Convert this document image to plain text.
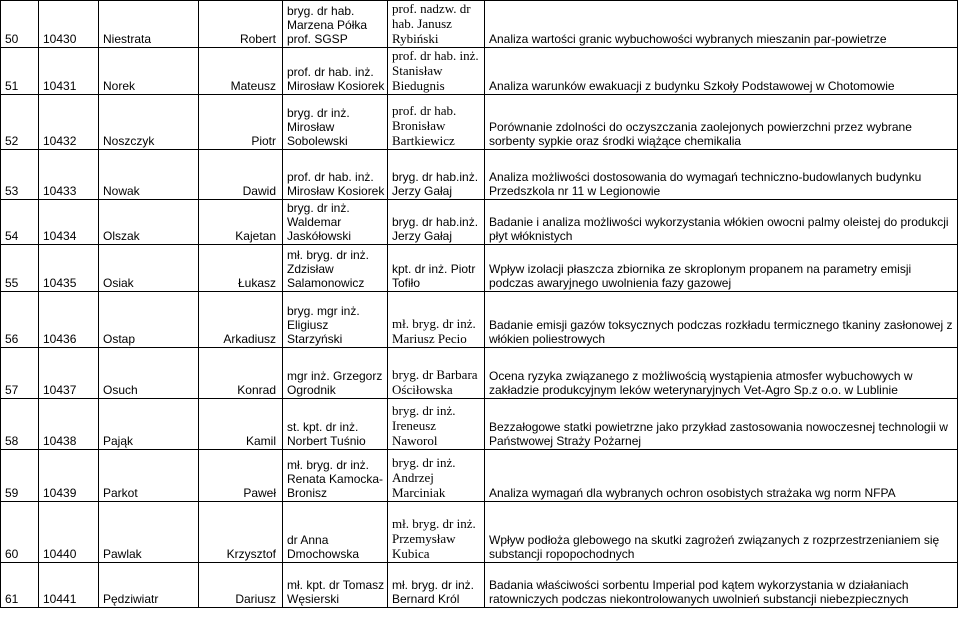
50	10430	Niestrata	Robert	bryg. dr hab. Marzena Półka prof. SGSP	prof. nadzw. dr hab. Janusz Rybiński	Analiza wartości granic wybuchowości wybranych mieszanin par-powietrze
51	10431	Norek	Mateusz	prof. dr hab. inż. Mirosław Kosiorek	prof. dr hab. inż. Stanisław Biedugnis	Analiza warunków ewakuacji z budynku Szkoły Podstawowej w Chotomowie
52	10432	Noszczyk	Piotr	bryg. dr inż. Mirosław Sobolewski	prof. dr hab. Bronisław Bartkiewicz	Porównanie zdolności do oczyszczania zaolejonych powierzchni przez wybrane sorbenty sypkie oraz środki wiążące chemikalia
53	10433	Nowak	Dawid	prof. dr hab. inż. Mirosław Kosiorek	bryg. dr hab.inż. Jerzy Gałaj	Analiza możliwości dostosowania do wymagań techniczno-budowlanych budynku Przedszkola nr 11 w Legionowie
54	10434	Olszak	Kajetan	bryg. dr inż. Waldemar Jaskółowski	bryg. dr hab.inż. Jerzy Gałaj	Badanie i analiza możliwości wykorzystania włókien owocni palmy oleistej do produkcji płyt włóknistych
55	10435	Osiak	Łukasz	mł. bryg. dr inż. Zdzisław Salamonowicz	kpt. dr inż. Piotr Tofiło	Wpływ izolacji płaszcza zbiornika ze skroplonym propanem na parametry emisji podczas awaryjnego uwolnienia fazy gazowej
56	10436	Ostap	Arkadiusz	bryg. mgr inż. Eligiusz Starzyński	mł. bryg. dr inż. Mariusz Pecio	Badanie emisji gazów toksycznych podczas rozkładu termicznego tkaniny zasłonowej z włókien poliestrowych
57	10437	Osuch	Konrad	mgr inż. Grzegorz Ogrodnik	bryg. dr Barbara Ościłowska	Ocena ryzyka związanego z możliwością wystąpienia atmosfer wybuchowych w zakładzie produkcyjnym leków weterynaryjnych Vet-Agro Sp.z o.o. w Lublinie
58	10438	Pająk	Kamil	st. kpt. dr inż. Norbert Tuśnio	bryg. dr inż. Ireneusz Naworol	Bezzałogowe statki powietrzne jako przykład zastosowania nowoczesnej technologii w Państwowej Straży Pożarnej
59	10439	Parkot	Paweł	mł. bryg. dr inż. Renata Kamocka-Bronisz	bryg. dr inż. Andrzej Marciniak	Analiza wymagań dla wybranych ochron osobistych strażaka wg norm NFPA
60	10440	Pawlak	Krzysztof	dr Anna Dmochowska	mł. bryg. dr inż. Przemysław Kubica	Wpływ podłoża glebowego na skutki zagrożeń związanych z rozprzestrzenianiem się substancji ropopochodnych
61	10441	Pędziwiatr	Dariusz	mł. kpt. dr Tomasz Węsierski	mł. bryg. dr inż. Bernard Król	Badania właściwości sorbentu Imperial pod kątem wykorzystania w działaniach ratowniczych podczas niekontrolowanych uwolnień substancji niebezpiecznych
